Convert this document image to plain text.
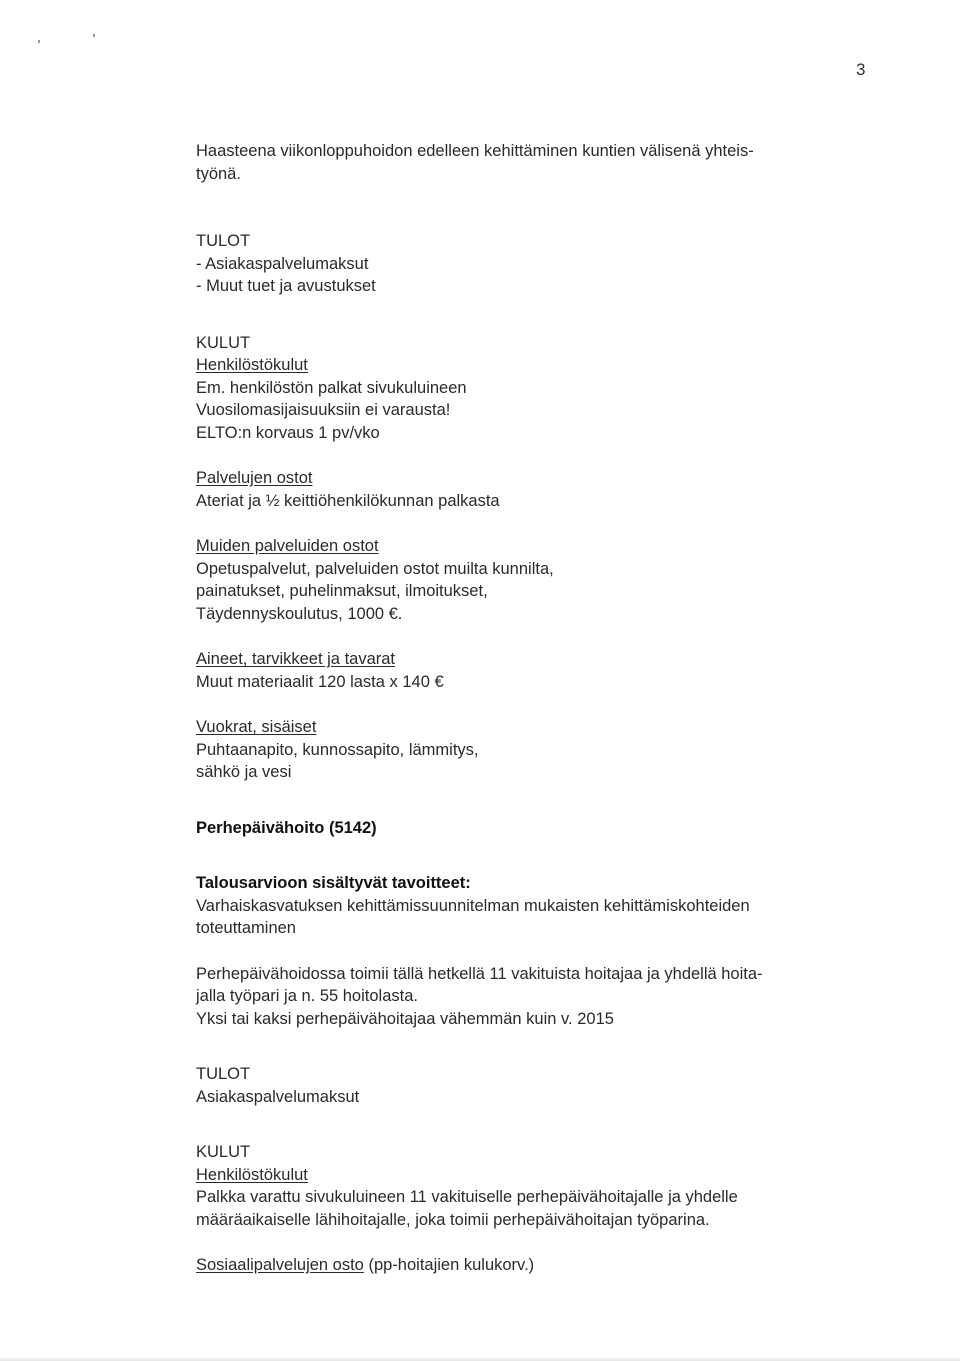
3
Haasteena viikonloppuhoidon edelleen kehittäminen kuntien välisenä yhteis-
työnä.
TULOT
- Asiakaspalvelumaksut
- Muut tuet ja avustukset
KULUT
Henkilöstökulut
Em. henkilöstön palkat sivukuluineen
Vuosilomasijaisuuksiin ei varausta!
ELTO:n korvaus 1 pv/vko
Palvelujen ostot
Ateriat ja ½ keittiöhenkilökunnan palkasta
Muiden palveluiden ostot
Opetuspalvelut, palveluiden ostot muilta kunnilta,
painatukset, puhelinmaksut, ilmoitukset,
Täydennyskoulutus, 1000 €.
Aineet, tarvikkeet ja tavarat
Muut materiaalit 120 lasta x 140 €
Vuokrat, sisäiset
Puhtaanapito, kunnossapito, lämmitys,
sähkö ja vesi
Perhepäivähoito (5142)
Talousarvioon sisältyvät tavoitteet:
Varhaiskasvatuksen kehittämissuunnitelman mukaisten kehittämiskohteiden
toteuttaminen
Perhepäivähoidossa toimii tällä hetkellä 11 vakituista hoitajaa ja yhdellä hoita-
jalla työpari ja n. 55 hoitolasta.
Yksi tai kaksi perhepäivähoitajaa vähemmän kuin v. 2015
TULOT
Asiakaspalvelumaksut
KULUT
Henkilöstökulut
Palkka varattu sivukuluineen 11 vakituiselle perhepäivähoitajalle ja yhdelle
määräaikaiselle lähihoitajalle, joka toimii perhepäivähoitajan työparina.
Sosiaalipalvelujen osto (pp-hoitajien kulukorv.)
